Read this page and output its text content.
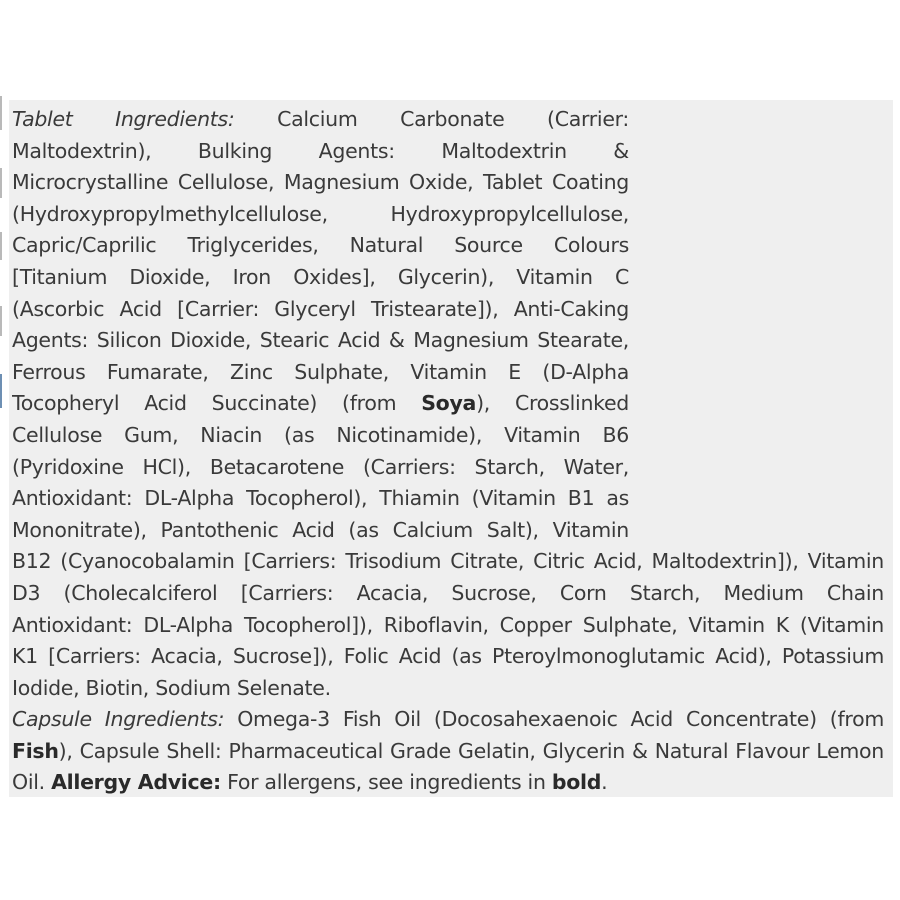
Tablet Ingredients: Calcium Carbonate (Carrier:
Maltodextrin), Bulking Agents: Maltodextrin &
Microcrystalline Cellulose, Magnesium Oxide, Tablet Coating
(Hydroxypropylmethylcellulose, Hydroxypropylcellulose,
Capric/Caprilic Triglycerides, Natural Source Colours
[Titanium Dioxide, Iron Oxides], Glycerin), Vitamin C
(Ascorbic Acid [Carrier: Glyceryl Tristearate]), Anti-Caking
Agents: Silicon Dioxide, Stearic Acid & Magnesium Stearate,
Ferrous Fumarate, Zinc Sulphate, Vitamin E (D-Alpha
Tocopheryl Acid Succinate) (from Soya), Crosslinked
Cellulose Gum, Niacin (as Nicotinamide), Vitamin B6
(Pyridoxine HCl), Betacarotene (Carriers: Starch, Water,
Antioxidant: DL-Alpha Tocopherol), Thiamin (Vitamin B1 as
Mononitrate), Pantothenic Acid (as Calcium Salt), Vitamin
B12 (Cyanocobalamin [Carriers: Trisodium Citrate, Citric Acid, Maltodextrin]), Vitamin
D3 (Cholecalciferol [Carriers: Acacia, Sucrose, Corn Starch, Medium Chain
Antioxidant: DL-Alpha Tocopherol]), Riboflavin, Copper Sulphate, Vitamin K (Vitamin
K1 [Carriers: Acacia, Sucrose]), Folic Acid (as Pteroylmonoglutamic Acid), Potassium
Iodide, Biotin, Sodium Selenate.
Capsule Ingredients: Omega-3 Fish Oil (Docosahexaenoic Acid Concentrate) (from
Fish), Capsule Shell: Pharmaceutical Grade Gelatin, Glycerin & Natural Flavour Lemon
Oil. Allergy Advice: For allergens, see ingredients in bold.
